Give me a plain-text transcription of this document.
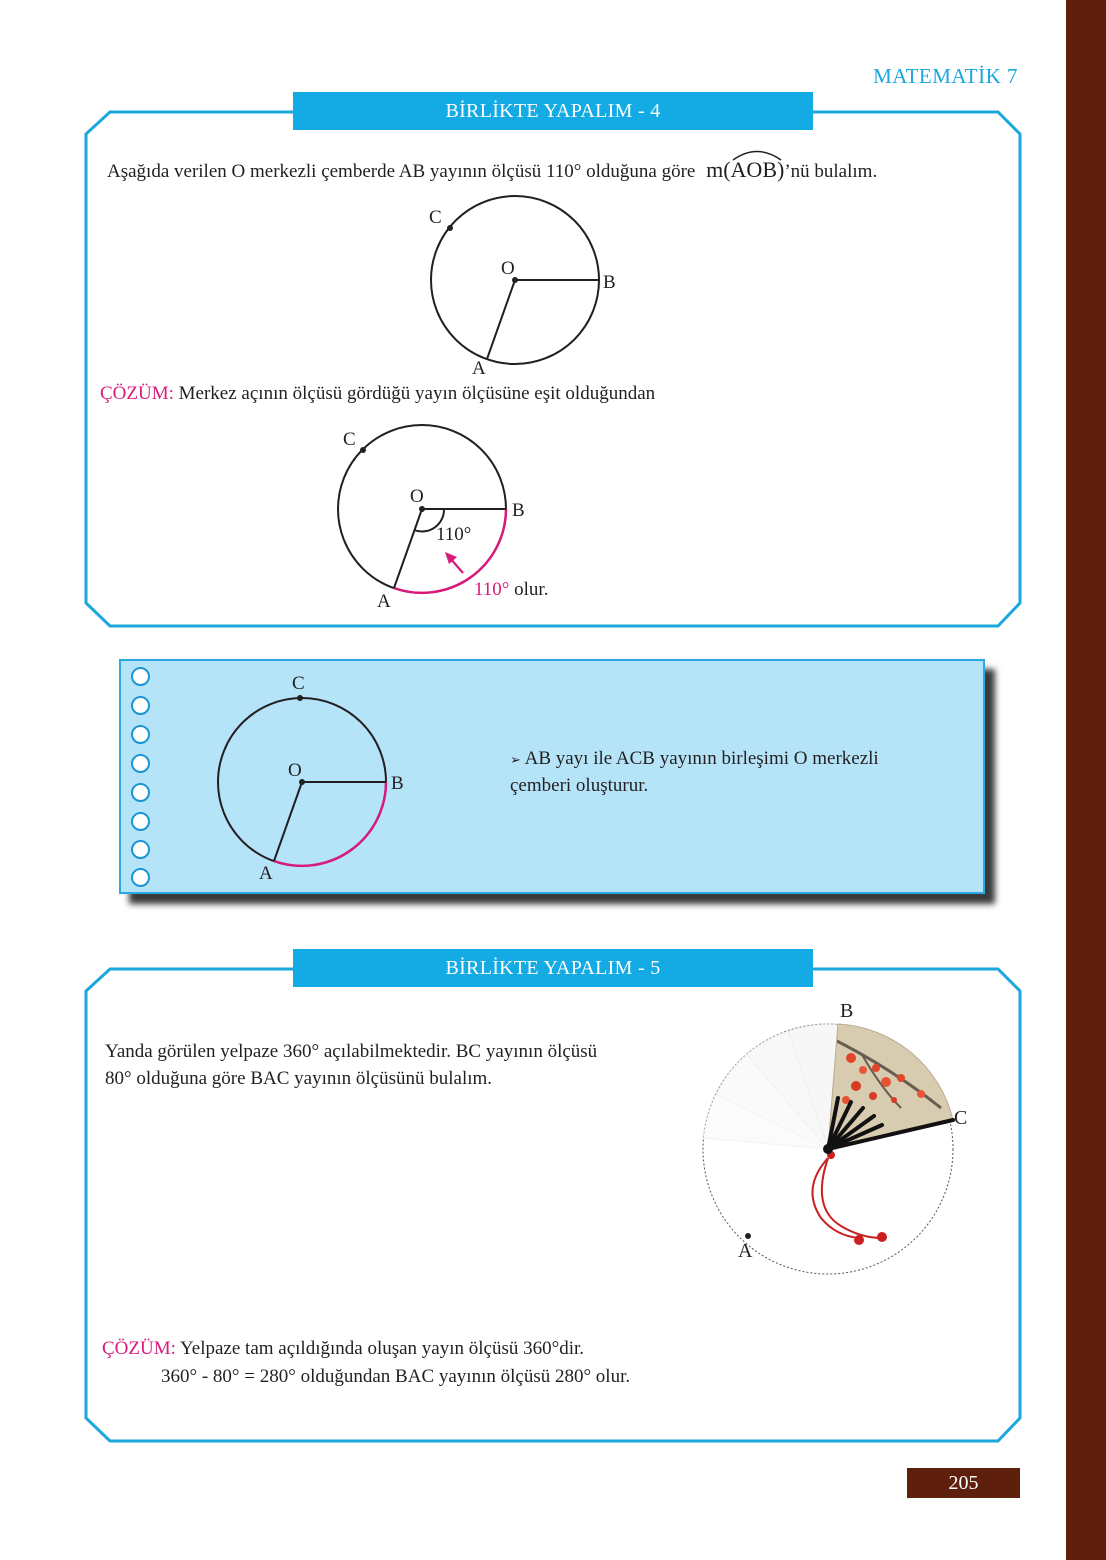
MATEMATİK 7
BİRLİKTE YAPALIM - 4
Aşağıda verilen O merkezli çemberde AB yayının ölçüsü 110° olduğuna göre m(
AOB)’nü bulalım.
C
O
B
A
ÇÖZÜM: Merkez açının ölçüsü gördüğü yayın ölçüsüne eşit olduğundan
C
O
B
110°
A
110° olur.
C
O
B
A
➢ AB yayı ile ACB yayının birleşimi O merkezli
çemberi oluşturur.
BİRLİKTE YAPALIM - 5
Yanda görülen yelpaze 360° açılabilmektedir. BC yayının ölçüsü
80° olduğuna göre BAC yayının ölçüsünü bulalım.
B
C
A
ÇÖZÜM: Yelpaze tam açıldığında oluşan yayın ölçüsü 360°dir.
360° - 80° = 280° olduğundan BAC yayının ölçüsü 280° olur.
205
